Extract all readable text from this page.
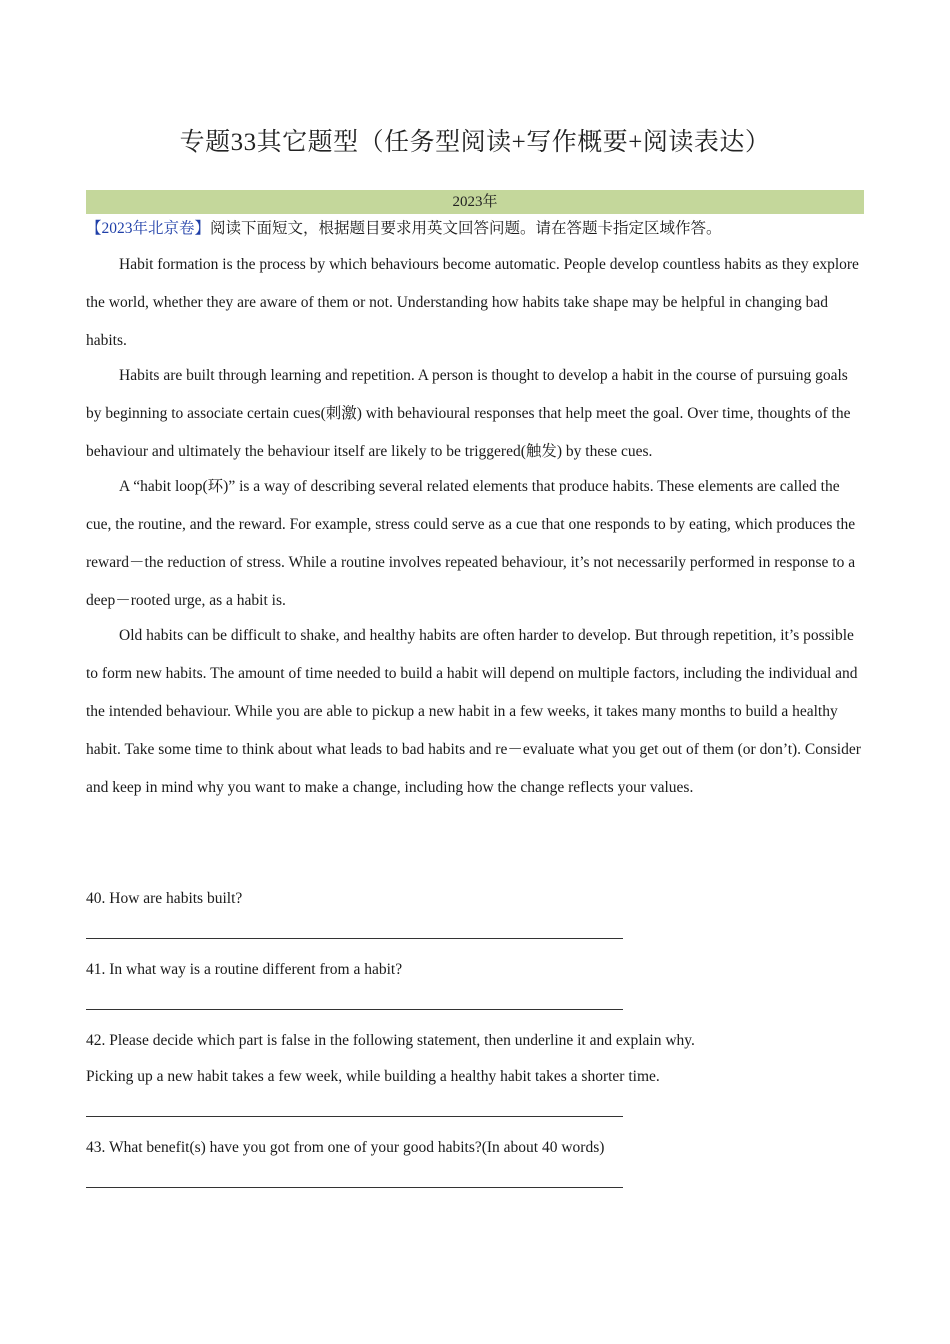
专题33其它题型（任务型阅读+写作概要+阅读表达）
2023年
【2023年北京卷】阅读下面短文，根据题目要求用英文回答问题。请在答题卡指定区域作答。

Habit formation is the process by which behaviours become automatic. People develop countless habits as they explore the world, whether they are aware of them or not. Understanding how habits take shape may be helpful in changing bad habits.

Habits are built through learning and repetition. A person is thought to develop a habit in the course of pursuing goals by beginning to associate certain cues(刺激) with behavioural responses that help meet the goal. Over time, thoughts of the behaviour and ultimately the behaviour itself are likely to be triggered(触发) by these cues.

A “habit loop(环)” is a way of describing several related elements that produce habits. These elements are called the cue, the routine, and the reward. For example, stress could serve as a cue that one responds to by eating, which produces the reward－the reduction of stress. While a routine involves repeated behaviour, it’s not necessarily performed in response to a deep－rooted urge, as a habit is.

Old habits can be difficult to shake, and healthy habits are often harder to develop. But through repetition, it’s possible to form new habits. The amount of time needed to build a habit will depend on multiple factors, including the individual and the intended behaviour. While you are able to pickup a new habit in a few weeks, it takes many months to build a healthy habit. Take some time to think about what leads to bad habits and re－evaluate what you get out of them (or don’t). Consider and keep in mind why you want to make a change, including how the change reflects your values.

40. How are habits built?

41. In what way is a routine different from a habit?

42. Please decide which part is false in the following statement, then underline it and explain why.

Picking up a new habit takes a few week, while building a healthy habit takes a shorter time.

43. What benefit(s) have you got from one of your good habits?(In about 40 words)
